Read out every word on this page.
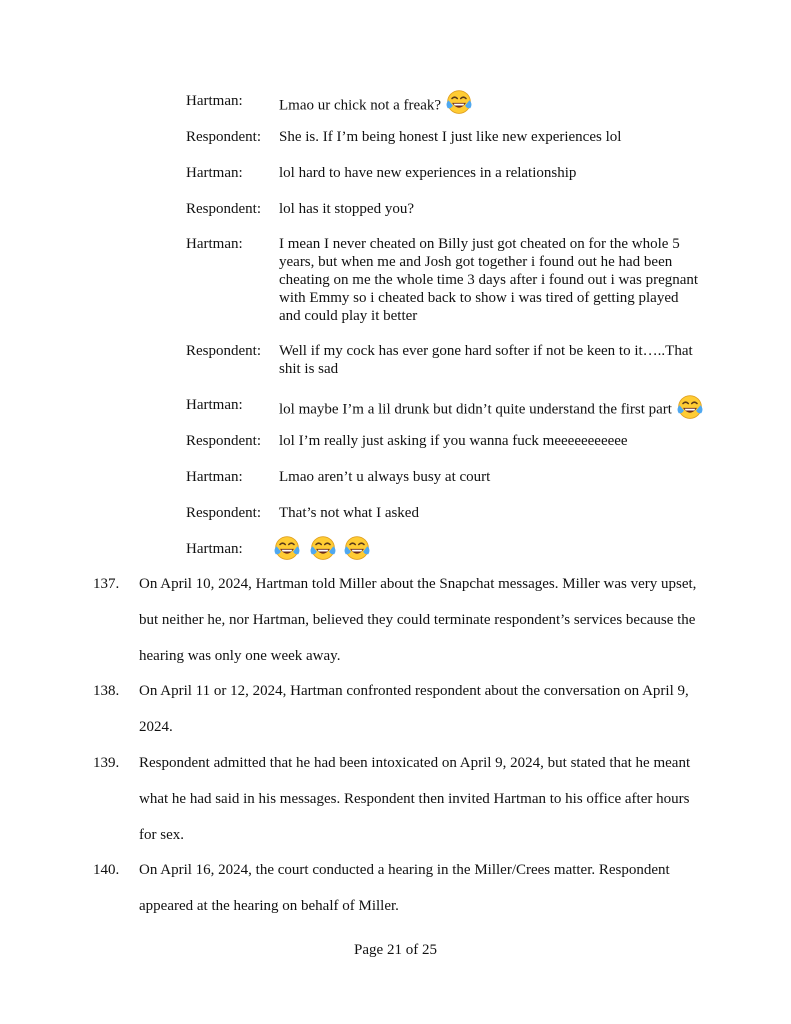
Hartman:	Lmao ur chick not a freak?
Respondent:	She is. If I’m being honest I just like new experiences lol
Hartman:	lol hard to have new experiences in a relationship
Respondent:	lol has it stopped you?
Hartman:	I mean I never cheated on Billy just got cheated on for the whole 5 years, but when me and Josh got together i found out he had been cheating on me the whole time 3 days after i found out i was pregnant with Emmy so i cheated back to show i was tired of getting played and could play it better
Respondent:	Well if my cock has ever gone hard softer if not be keen to it…..That shit is sad
Hartman:	lol maybe I’m a lil drunk but didn’t quite understand the first part
Respondent:	lol I’m really just asking if you wanna fuck meeeeeeeeeee
Hartman:	Lmao aren’t u always busy at court
Respondent:	That’s not what I asked
Hartman:

137.	On April 10, 2024, Hartman told Miller about the Snapchat messages. Miller was very upset, but neither he, nor Hartman, believed they could terminate respondent’s services because the hearing was only one week away.
138.	On April 11 or 12, 2024, Hartman confronted respondent about the conversation on April 9, 2024.
139.	Respondent admitted that he had been intoxicated on April 9, 2024, but stated that he meant what he had said in his messages. Respondent then invited Hartman to his office after hours for sex.
140.	On April 16, 2024, the court conducted a hearing in the Miller/Crees matter. Respondent appeared at the hearing on behalf of Miller.
Page 21 of 25
